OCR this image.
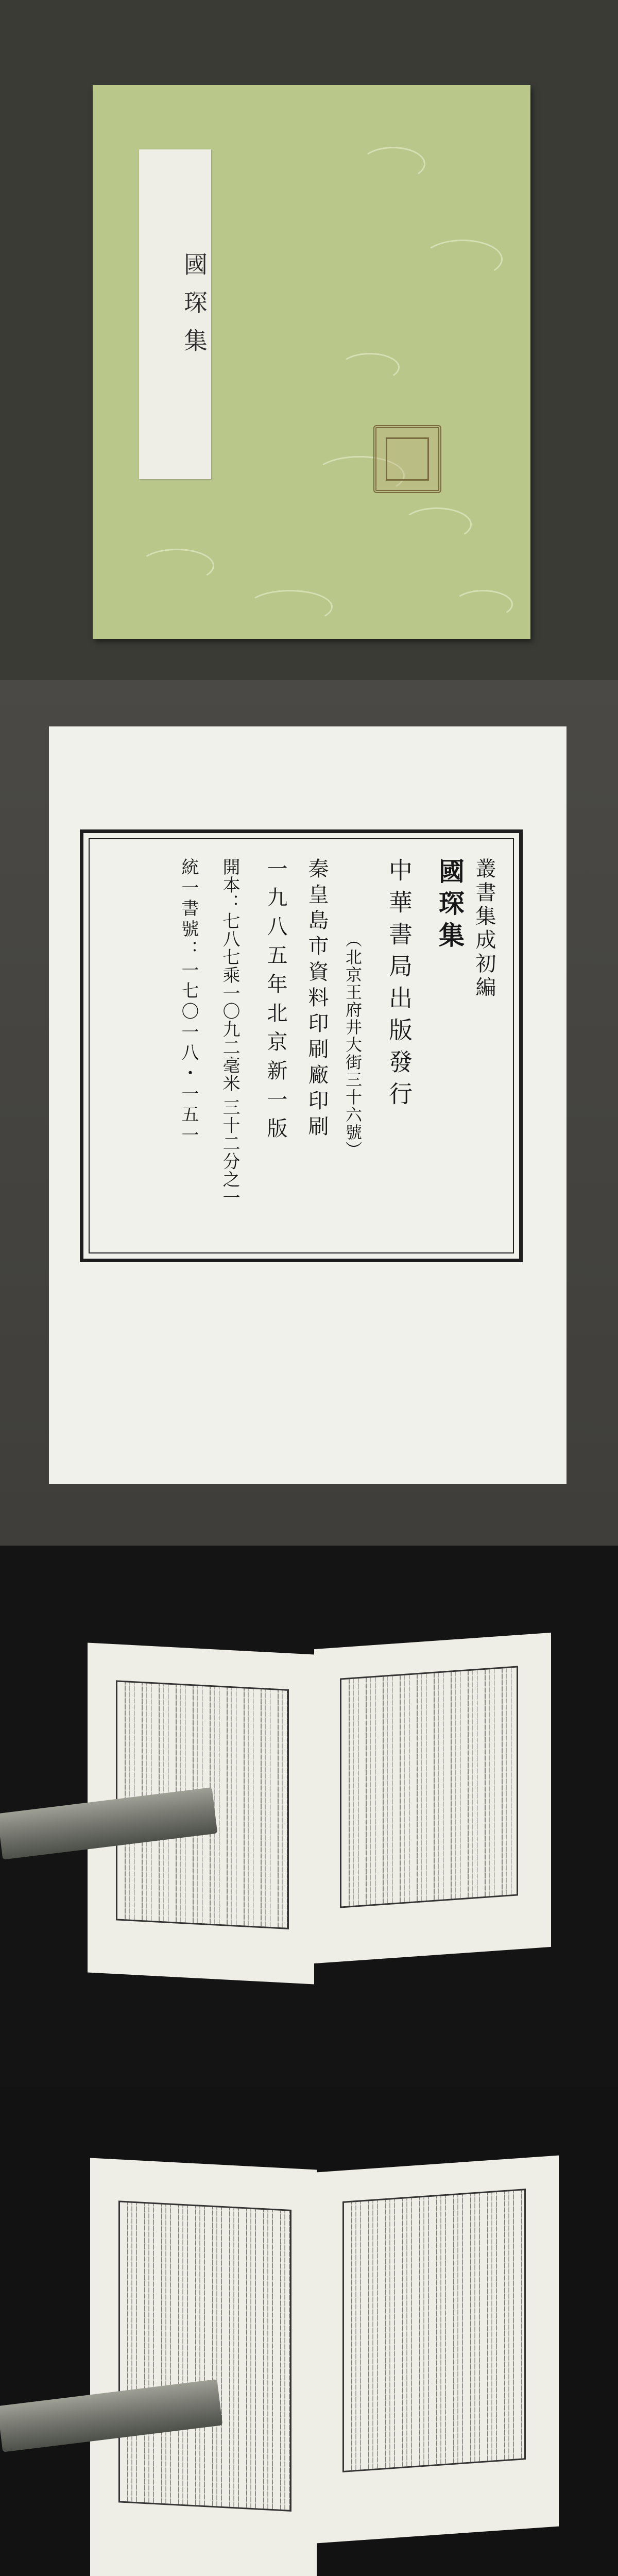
國琛集
叢書集成初編
國琛集
中華書局出版發行
（北京王府井大街三十六號）
秦皇島市資料印刷廠印刷
一九八五年北京新一版
開本：七八七乘一〇九二毫米 三十二分之一
統一書號：一七〇一八・一五一
